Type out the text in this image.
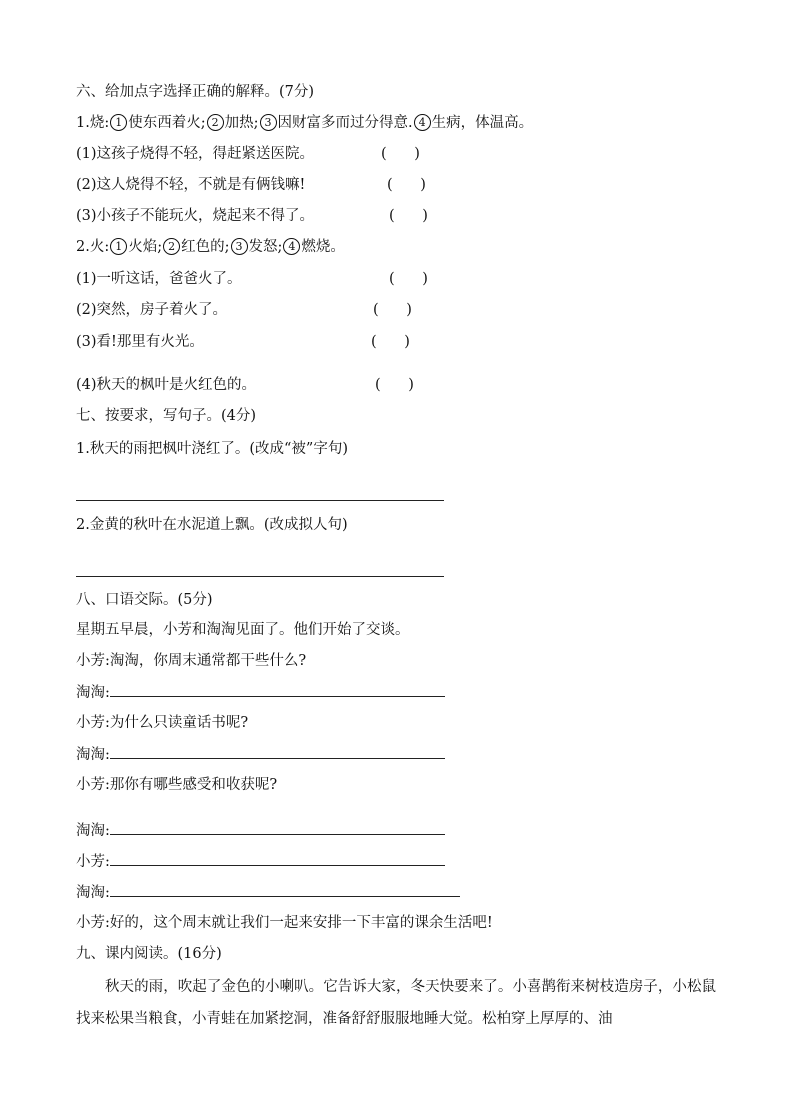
六、给加点字选择正确的解释。(7分)
1.烧: 1 使东西着火; 2 加热; 3 因财富多而过分得意. 4 生病，体温高。
(1)这孩子烧得不轻，得赶紧送医院。	(      )
(2)这人烧得不轻，不就是有俩钱嘛!	(      )
(3)小孩子不能玩火，烧起来不得了。	(      )
2.火: 1 火焰; 2 红色的; 3 发怒; 4 燃烧。
(1)一听这话，爸爸火了。	(      )
(2)突然，房子着火了。	(      )
(3)看!那里有火光。	(      )
(4)秋天的枫叶是火红色的。	(      )
七、按要求，写句子。(4分)
1.秋天的雨把枫叶浇红了。(改成“被”字句)
2.金黄的秋叶在水泥道上飘。(改成拟人句)
八、口语交际。(5分)
星期五早晨，小芳和淘淘见面了。他们开始了交谈。
小芳:淘淘，你周末通常都干些什么?
淘淘:
小芳:为什么只读童话书呢?
淘淘:
小芳:那你有哪些感受和收获呢?
淘淘:
小芳:
淘淘:
小芳:好的，这个周末就让我们一起来安排一下丰富的课余生活吧!
九、课内阅读。(16分)
秋天的雨，吹起了金色的小喇叭。它告诉大家，冬天快要来了。小喜鹊衔来树枝造房子，小松鼠找来松果当粮食，小青蛙在加紧挖洞，准备舒舒服服地睡大觉。松柏穿上厚厚的、油
